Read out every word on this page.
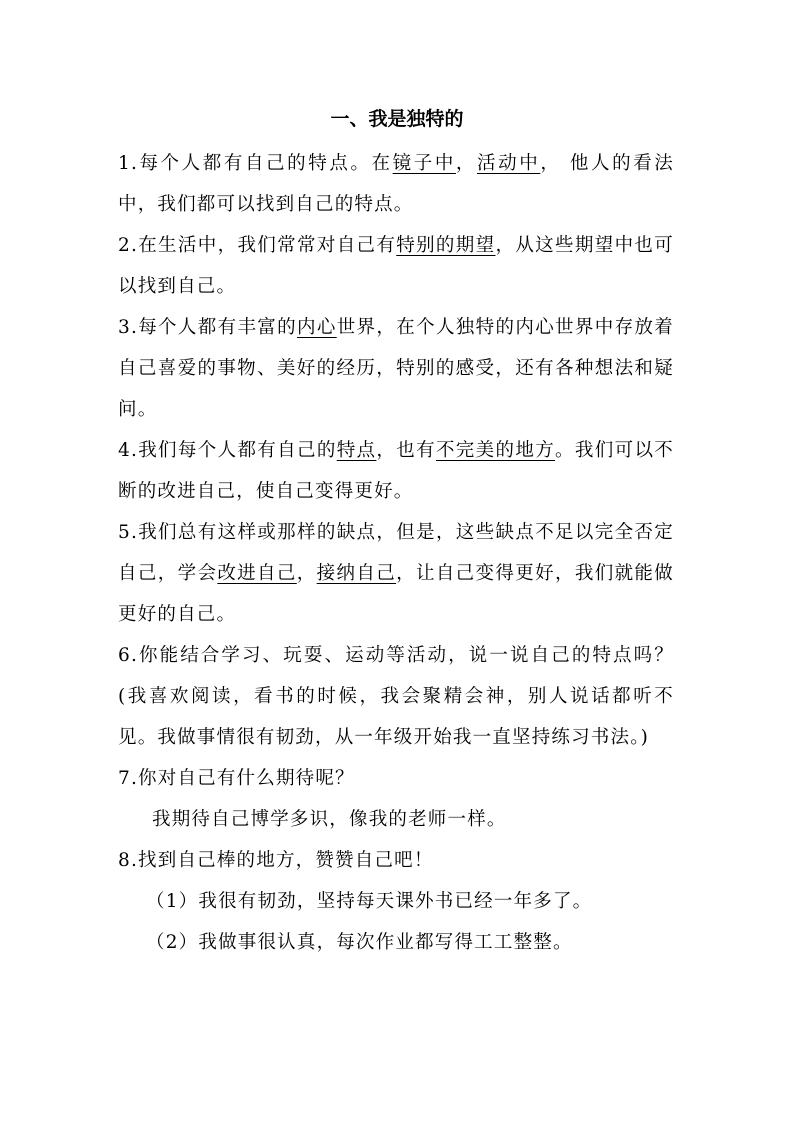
一、我是独特的

1.每个人都有自己的特点。在镜子中，活动中， 他人的看法中，我们都可以找到自己的特点。

2.在生活中，我们常常对自己有特别的期望，从这些期望中也可以找到自己。

3.每个人都有丰富的内心世界，在个人独特的内心世界中存放着自己喜爱的事物、美好的经历，特别的感受，还有各种想法和疑问。

4.我们每个人都有自己的特点，也有不完美的地方。我们可以不断的改进自己，使自己变得更好。

5.我们总有这样或那样的缺点，但是，这些缺点不足以完全否定自己，学会改进自己，接纳自己，让自己变得更好，我们就能做更好的自己。

6.你能结合学习、玩耍、运动等活动，说一说自己的特点吗？(我喜欢阅读，看书的时候，我会聚精会神，别人说话都听不见。我做事情很有韧劲，从一年级开始我一直坚持练习书法。)

7.你对自己有什么期待呢？

我期待自己博学多识，像我的老师一样。

8.找到自己棒的地方，赞赞自己吧！

（1）我很有韧劲，坚持每天课外书已经一年多了。

（2）我做事很认真，每次作业都写得工工整整。
